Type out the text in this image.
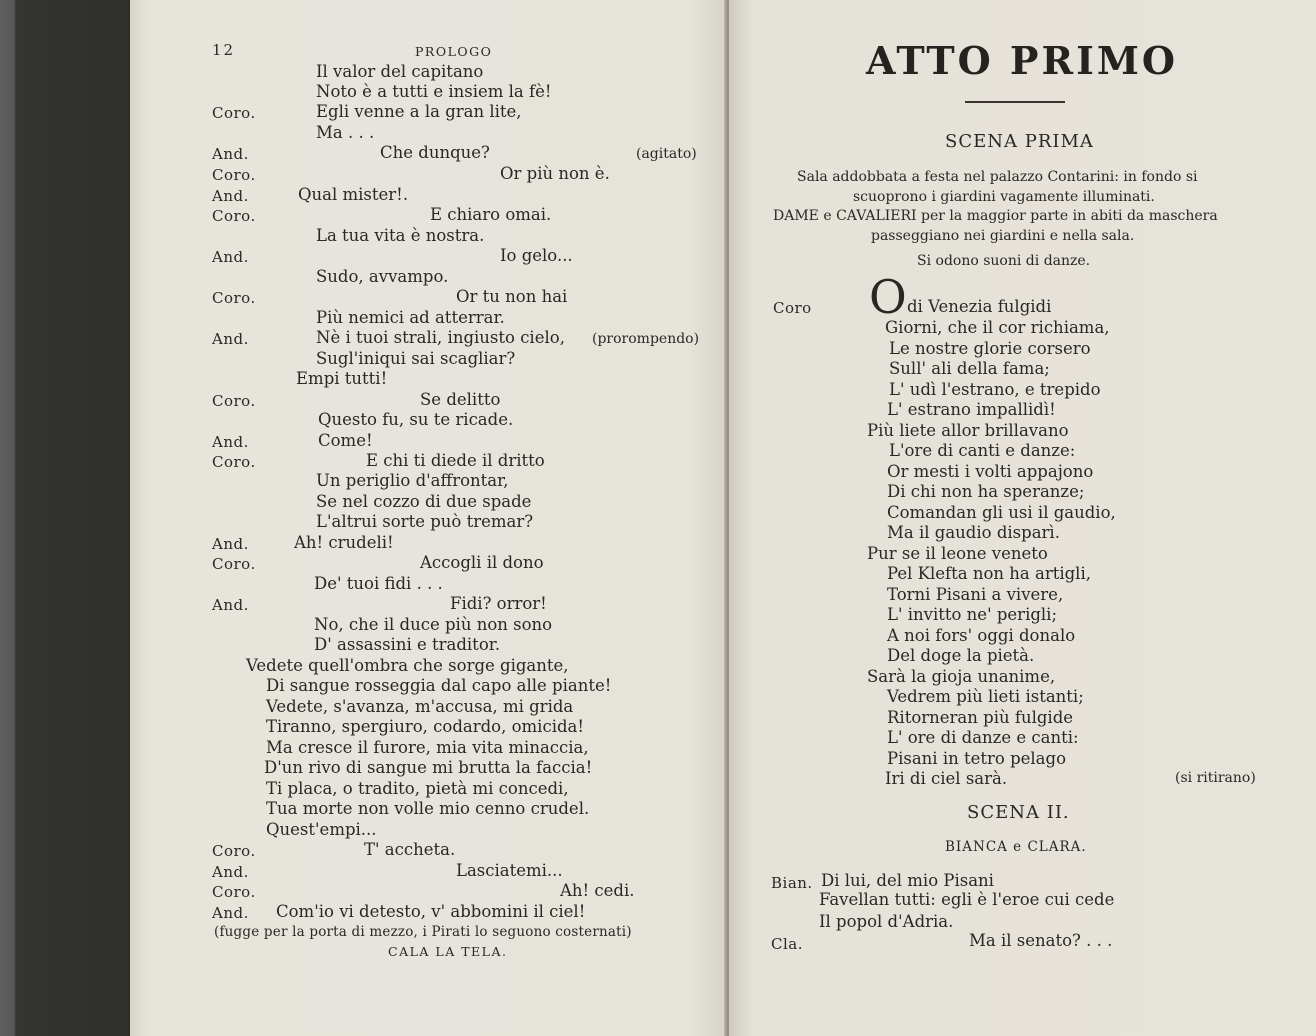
12	PROLOGO
Il valor del capitano
Noto è a tutti e insiem la fè!
Coro.	Egli venne a la gran lite,
Ma . . .
And.	Che dunque?	(agitato)
Coro.	Or più non è.
And.	Qual mister!.
Coro.	E chiaro omai.
La tua vita è nostra.
And.	Io gelo...
Sudo, avvampo.
Coro.	Or tu non hai
Più nemici ad atterrar.
And.	Nè i tuoi strali, ingiusto cielo, (prorompendo)
Sugl'iniqui sai scagliar?
Empi tutti!
Coro.	Se delitto
Questo fu, su te ricade.
And.	Come!
Coro.	E chi ti diede il dritto
Un periglio d'affrontar,
Se nel cozzo di due spade
L'altrui sorte può tremar?
And.	Ah! crudeli!
Coro.	Accogli il dono
De' tuoi fidi . . .
And.	Fidi? orror!
No, che il duce più non sono
D' assassini e traditor.
Vedete quell'ombra che sorge gigante,
Di sangue rosseggia dal capo alle piante!
Vedete, s'avanza, m'accusa, mi grida
Tiranno, spergiuro, codardo, omicida!
Ma cresce il furore, mia vita minaccia,
D'un rivo di sangue mi brutta la faccia!
Ti placa, o tradito, pietà mi concedi,
Tua morte non volle mio cenno crudel.
Quest'empi...
Coro.	T' accheta.
And.	Lasciatemi...
Coro.	Ah! cedi.
And. Com'io vi detesto, v' abbomini il ciel!
(fugge per la porta di mezzo, i Pirati lo seguono costernati)
CALA LA TELA.
ATTO PRIMO
SCENA PRIMA
Sala addobbata a festa nel palazzo Contarini: in fondo si
scuoprono i giardini vagamente illuminati.
DAME e CAVALIERI per la maggior parte in abiti da maschera
passeggiano nei giardini e nella sala.
Si odono suoni di danze.
Coro O di Venezia fulgidi
Giorni, che il cor richiama,
Le nostre glorie corsero
Sull' ali della fama;
L' udì l'estrano, e trepido
L' estrano impallidì!
Più liete allor brillavano
L'ore di canti e danze:
Or mesti i volti appajono
Di chi non ha speranze;
Comandan gli usi il gaudio,
Ma il gaudio disparì.
Pur se il leone veneto
Pel Klefta non ha artigli,
Torni Pisani a vivere,
L' invitto ne' perigli;
A noi fors' oggi donalo
Del doge la pietà.
Sarà la gioja unanime,
Vedrem più lieti istanti;
Ritorneran più fulgide
L' ore di danze e canti:
Pisani in tetro pelago
Iri di ciel sarà.	(si ritirano)
SCENA II.
BIANCA e CLARA.
Bian. Di lui, del mio Pisani
Favellan tutti: egli è l'eroe cui cede
Il popol d'Adria.
Cla.	Ma il senato? . . .
